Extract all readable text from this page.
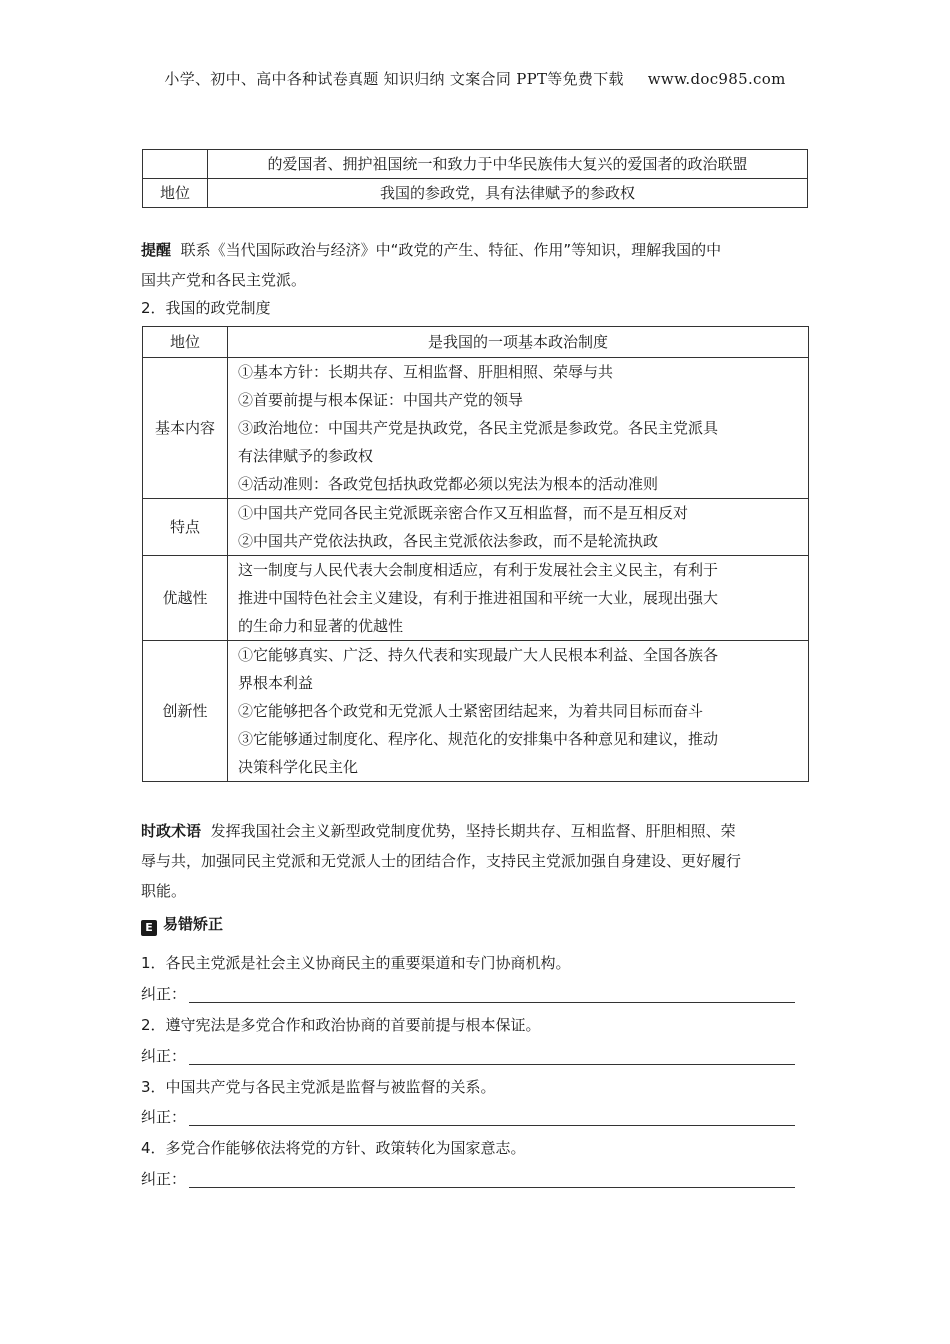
小学、初中、高中各种试卷真题 知识归纳 文案合同 PPT等免费下载 www.doc985.com
	的爱国者、拥护祖国统一和致力于中华民族伟大复兴的爱国者的政治联盟
地位	我国的参政党，具有法律赋予的参政权
提醒 联系《当代国际政治与经济》中“政党的产生、特征、作用”等知识，理解我国的中
国共产党和各民主党派。
2．我国的政党制度
地位	是我国的一项基本政治制度
基本内容	①基本方针：长期共存、互相监督、肝胆相照、荣辱与共
②首要前提与根本保证：中国共产党的领导
③政治地位：中国共产党是执政党，各民主党派是参政党。各民主党派具
有法律赋予的参政权
④活动准则：各政党包括执政党都必须以宪法为根本的活动准则

特点	①中国共产党同各民主党派既亲密合作又互相监督，而不是互相反对
②中国共产党依法执政，各民主党派依法参政，而不是轮流执政

优越性	这一制度与人民代表大会制度相适应，有利于发展社会主义民主，有利于
推进中国特色社会主义建设，有利于推进祖国和平统一大业，展现出强大
的生命力和显著的优越性

创新性	①它能够真实、广泛、持久代表和实现最广大人民根本利益、全国各族各
界根本利益
②它能够把各个政党和无党派人士紧密团结起来，为着共同目标而奋斗
③它能够通过制度化、程序化、规范化的安排集中各种意见和建议，推动
决策科学化民主化
时政术语 发挥我国社会主义新型政党制度优势，坚持长期共存、互相监督、肝胆相照、荣
辱与共，加强同民主党派和无党派人士的团结合作，支持民主党派加强自身建设、更好履行
职能。
E 易错矫正
1．各民主党派是社会主义协商民主的重要渠道和专门协商机构。
纠正：
2．遵守宪法是多党合作和政治协商的首要前提与根本保证。
纠正：
3．中国共产党与各民主党派是监督与被监督的关系。
纠正：
4．多党合作能够依法将党的方针、政策转化为国家意志。
纠正：
